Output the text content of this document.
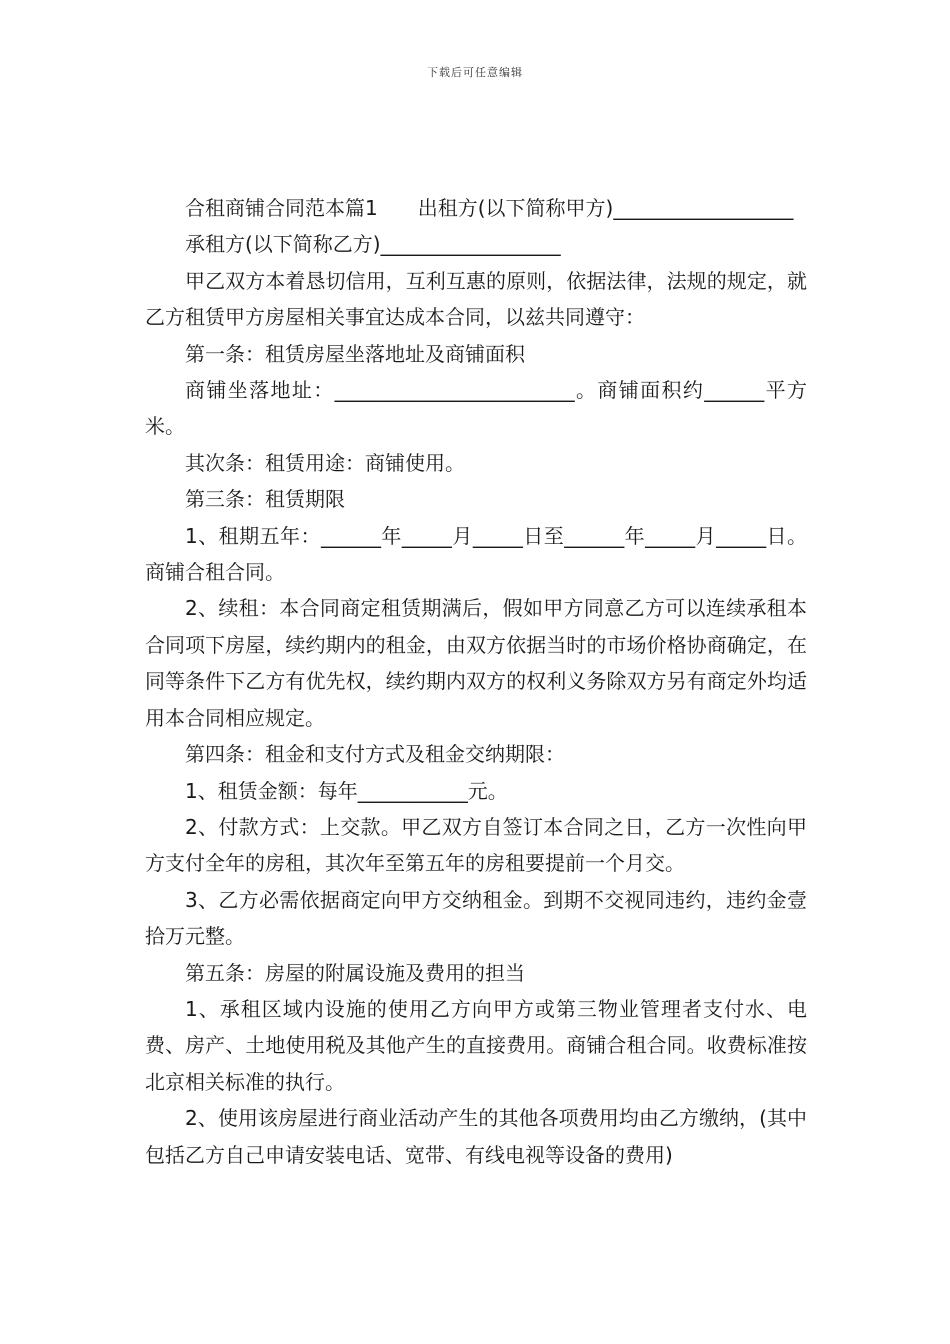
下载后可任意编辑

合租商铺合同范本篇1　　出租方(以下简称甲方)__________________

承租方(以下简称乙方)__________________

甲乙双方本着恳切信用，互利互惠的原则，依据法律，法规的规定，就乙方租赁甲方房屋相关事宜达成本合同，以兹共同遵守：

第一条：租赁房屋坐落地址及商铺面积

商铺坐落地址：________________________。商铺面积约______平方米。

其次条：租赁用途：商铺使用。

第三条：租赁期限

1、租期五年：______年_____月_____日至______年_____月_____日。商铺合租合同。

2、续租：本合同商定租赁期满后，假如甲方同意乙方可以连续承租本合同项下房屋，续约期内的租金，由双方依据当时的市场价格协商确定，在同等条件下乙方有优先权，续约期内双方的权利义务除双方另有商定外均适用本合同相应规定。

第四条：租金和支付方式及租金交纳期限：

1、租赁金额：每年___________元。

2、付款方式：上交款。甲乙双方自签订本合同之日，乙方一次性向甲方支付全年的房租，其次年至第五年的房租要提前一个月交。

3、乙方必需依据商定向甲方交纳租金。到期不交视同违约，违约金壹拾万元整。

第五条：房屋的附属设施及费用的担当

1、承租区域内设施的使用乙方向甲方或第三物业管理者支付水、电费、房产、土地使用税及其他产生的直接费用。商铺合租合同。收费标准按北京相关标准的执行。

2、使用该房屋进行商业活动产生的其他各项费用均由乙方缴纳，(其中包括乙方自己申请安装电话、宽带、有线电视等设备的费用)
